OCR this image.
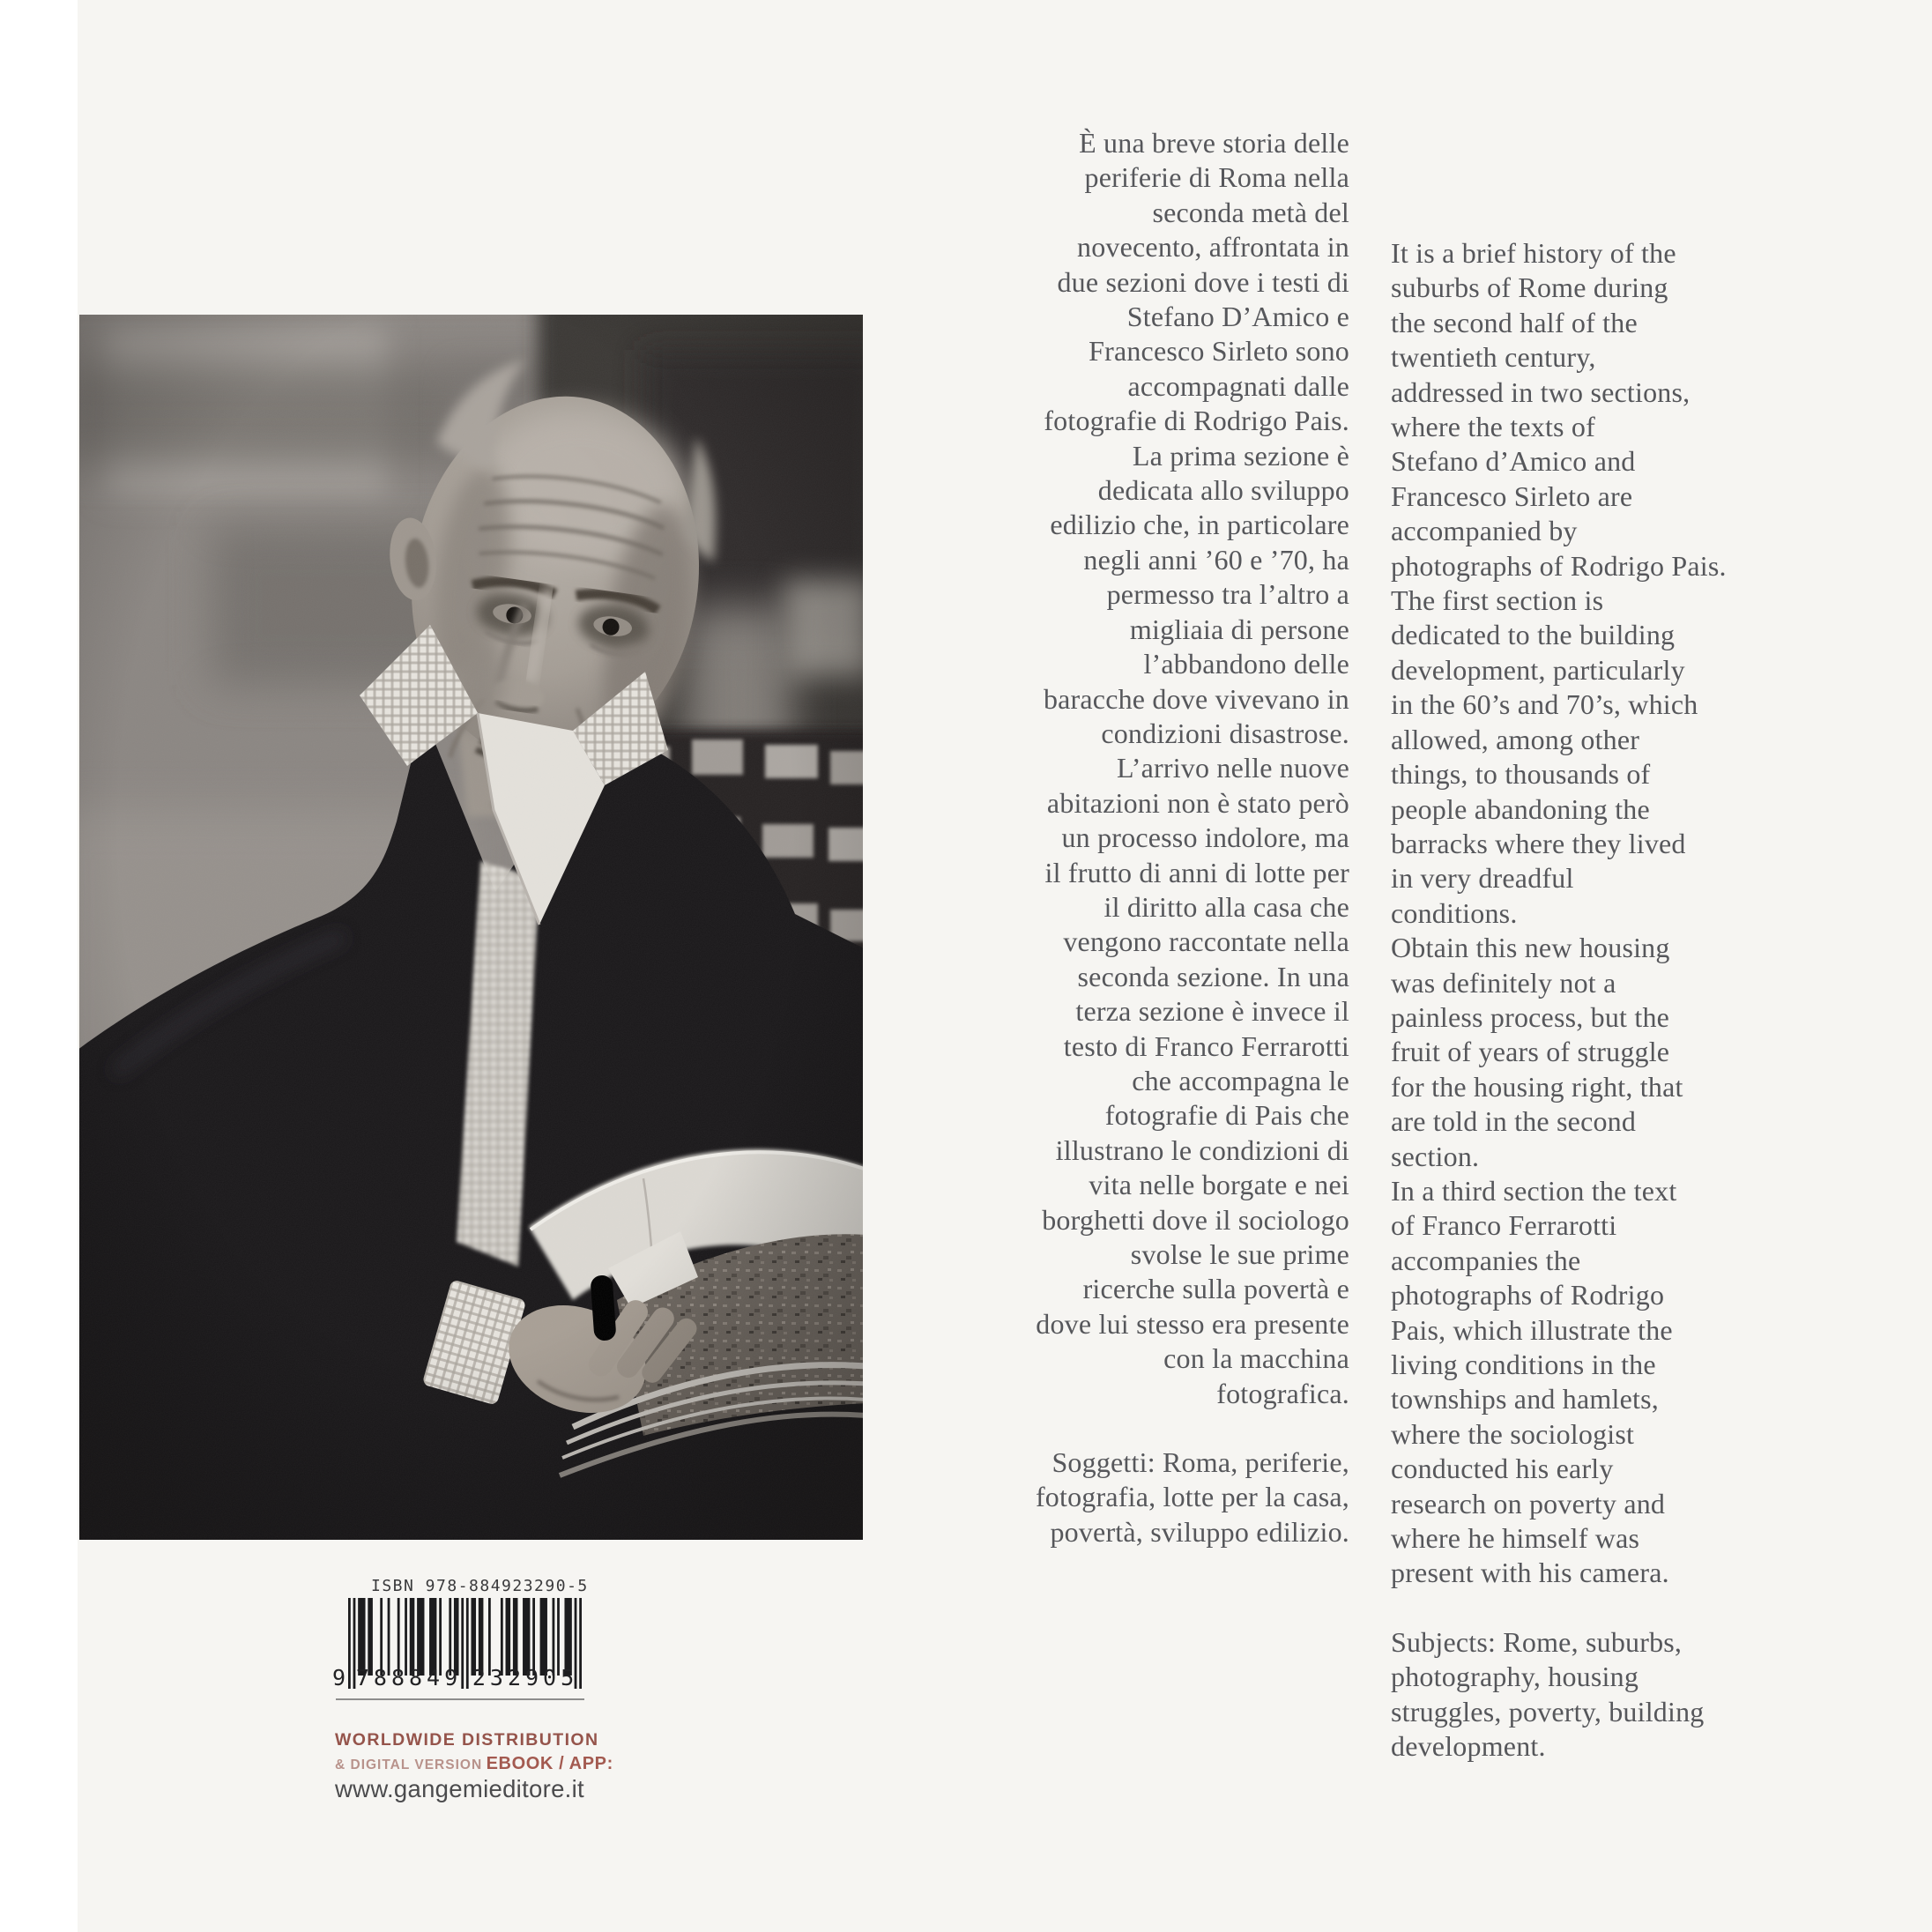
È una breve storia delle
periferie di Roma nella
seconda metà del
novecento, affrontata in
due sezioni dove i testi di
Stefano D’Amico e
Francesco Sirleto sono
accompagnati dalle
fotografie di Rodrigo Pais.
La prima sezione è
dedicata allo sviluppo
edilizio che, in particolare
negli anni ’60 e ’70, ha
permesso tra l’altro a
migliaia di persone
l’abbandono delle
baracche dove vivevano in
condizioni disastrose.
L’arrivo nelle nuove
abitazioni non è stato però
un processo indolore, ma
il frutto di anni di lotte per
il diritto alla casa che
vengono raccontate nella
seconda sezione. In una
terza sezione è invece il
testo di Franco Ferrarotti
che accompagna le
fotografie di Pais che
illustrano le condizioni di
vita nelle borgate e nei
borghetti dove il sociologo
svolse le sue prime
ricerche sulla povertà e
dove lui stesso era presente
con la macchina
fotografica.
Soggetti: Roma, periferie,
fotografia, lotte per la casa,
povertà, sviluppo edilizio.
It is a brief history of the
suburbs of Rome during
the second half of the
twentieth century,
addressed in two sections,
where the texts of
Stefano d’Amico and
Francesco Sirleto are
accompanied by
photographs of Rodrigo Pais.
The first section is
dedicated to the building
development, particularly
in the 60’s and 70’s, which
allowed, among other
things, to thousands of
people abandoning the
barracks where they lived
in very dreadful
conditions.
Obtain this new housing
was definitely not a
painless process, but the
fruit of years of struggle
for the housing right, that
are told in the second
section.
In a third section the text
of Franco Ferrarotti
accompanies the
photographs of Rodrigo
Pais, which illustrate the
living conditions in the
townships and hamlets,
where the sociologist
conducted his early
research on poverty and
where he himself was
present with his camera.
Subjects: Rome, suburbs,
photography, housing
struggles, poverty, building
development.
ISBN 978-884923290-5
9 788849 232905
WORLDWIDE DISTRIBUTION
& DIGITAL VERSION EBOOK / APP:
www.gangemieditore.it
